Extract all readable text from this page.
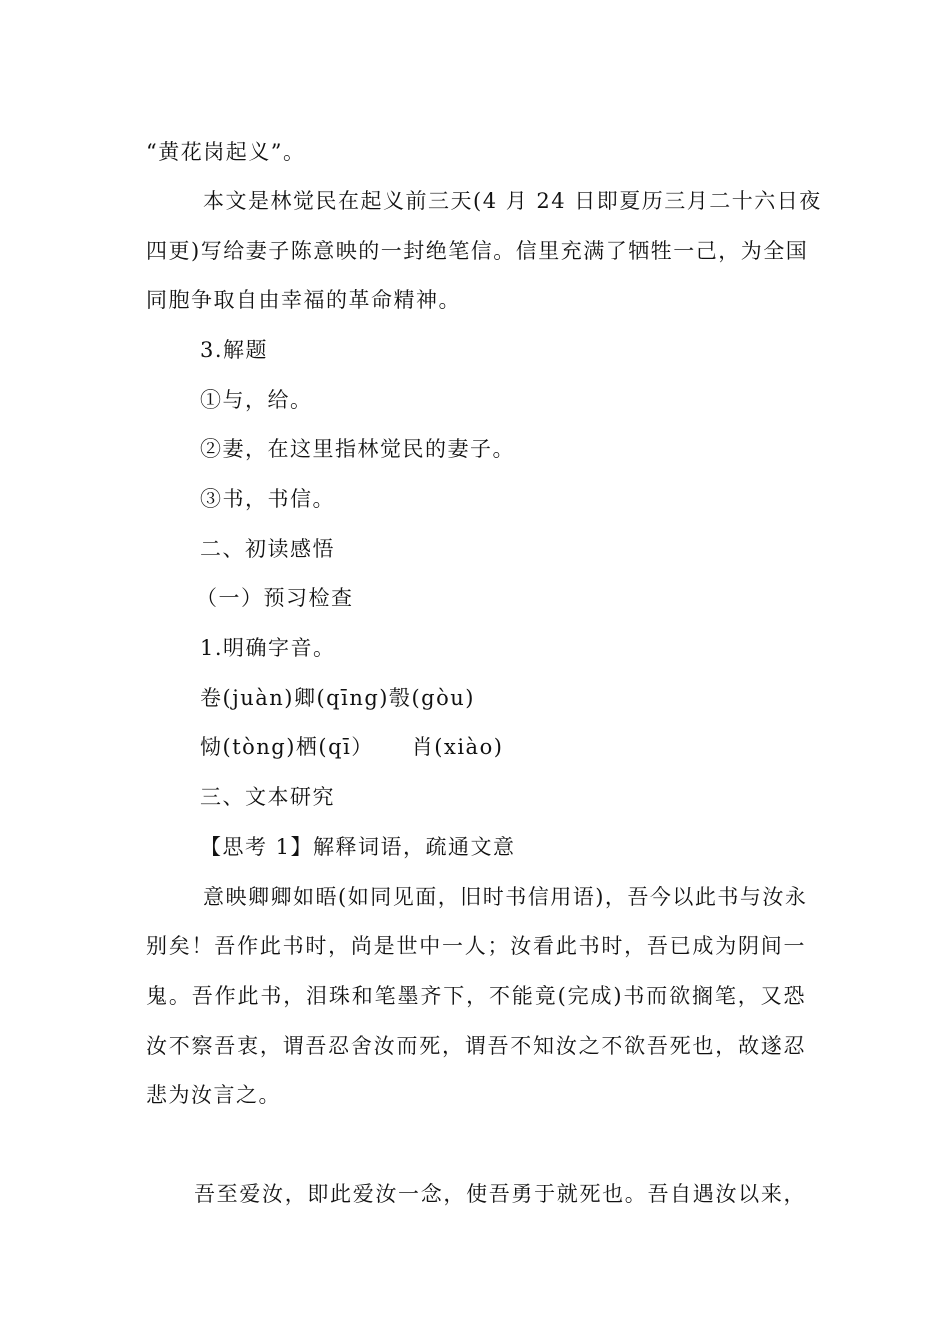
“黄花岗起义”。
本文是林觉民在起义前三天(4 月 24 日即夏历三月二十六日夜
四更)写给妻子陈意映的一封绝笔信。信里充满了牺牲一己，为全国
同胞争取自由幸福的革命精神。
3.解题
①与，给。
②妻，在这里指林觉民的妻子。
③书，书信。
二、初读感悟
（一）预习检查
1.明确字音。
卷(juàn)卿(qīng)彀(gòu)
恸(tòng)栖(qī） 肖(xiào)
三、文本研究
【思考 1】解释词语，疏通文意
意映卿卿如晤(如同见面，旧时书信用语)，吾今以此书与汝永
别矣！吾作此书时，尚是世中一人；汝看此书时，吾已成为阴间一
鬼。吾作此书，泪珠和笔墨齐下，不能竟(完成)书而欲搁笔，又恐
汝不察吾衷，谓吾忍舍汝而死，谓吾不知汝之不欲吾死也，故遂忍
悲为汝言之。
吾至爱汝，即此爱汝一念，使吾勇于就死也。吾自遇汝以来，
